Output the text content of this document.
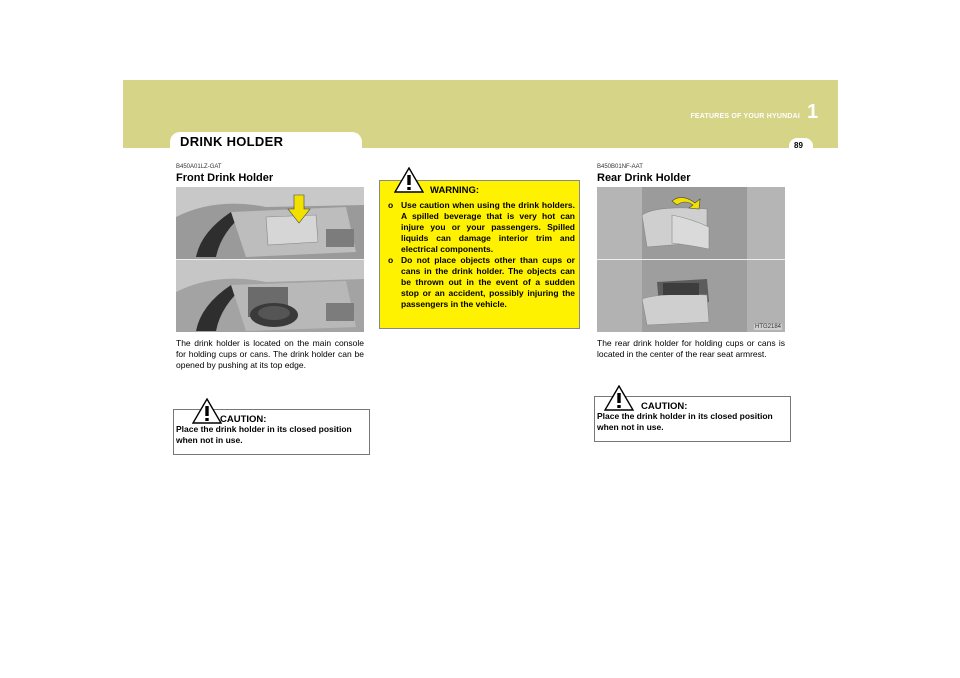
DRINK HOLDER
FEATURES OF YOUR HYUNDAI 1
89
B450A01LZ-GAT
Front Drink Holder
The drink holder is located on the main console for holding cups or cans. The drink holder can be opened by pushing at its top edge.
CAUTION:
Place the drink holder in its closed position when not in use.
WARNING:
o Use caution when using the drink holders. A spilled beverage that is very hot can injure you or your passengers. Spilled liquids can damage interior trim and electrical components.
o Do not place objects other than cups or cans in the drink holder. The objects can be thrown out in the event of a sudden stop or an accident, possibly injuring the passengers in the vehicle.
B450B01NF-AAT
Rear Drink Holder
HTG2184
The rear drink holder for holding cups or cans is located in the center of the rear seat armrest.
CAUTION:
Place the drink holder in its closed position when not in use.
